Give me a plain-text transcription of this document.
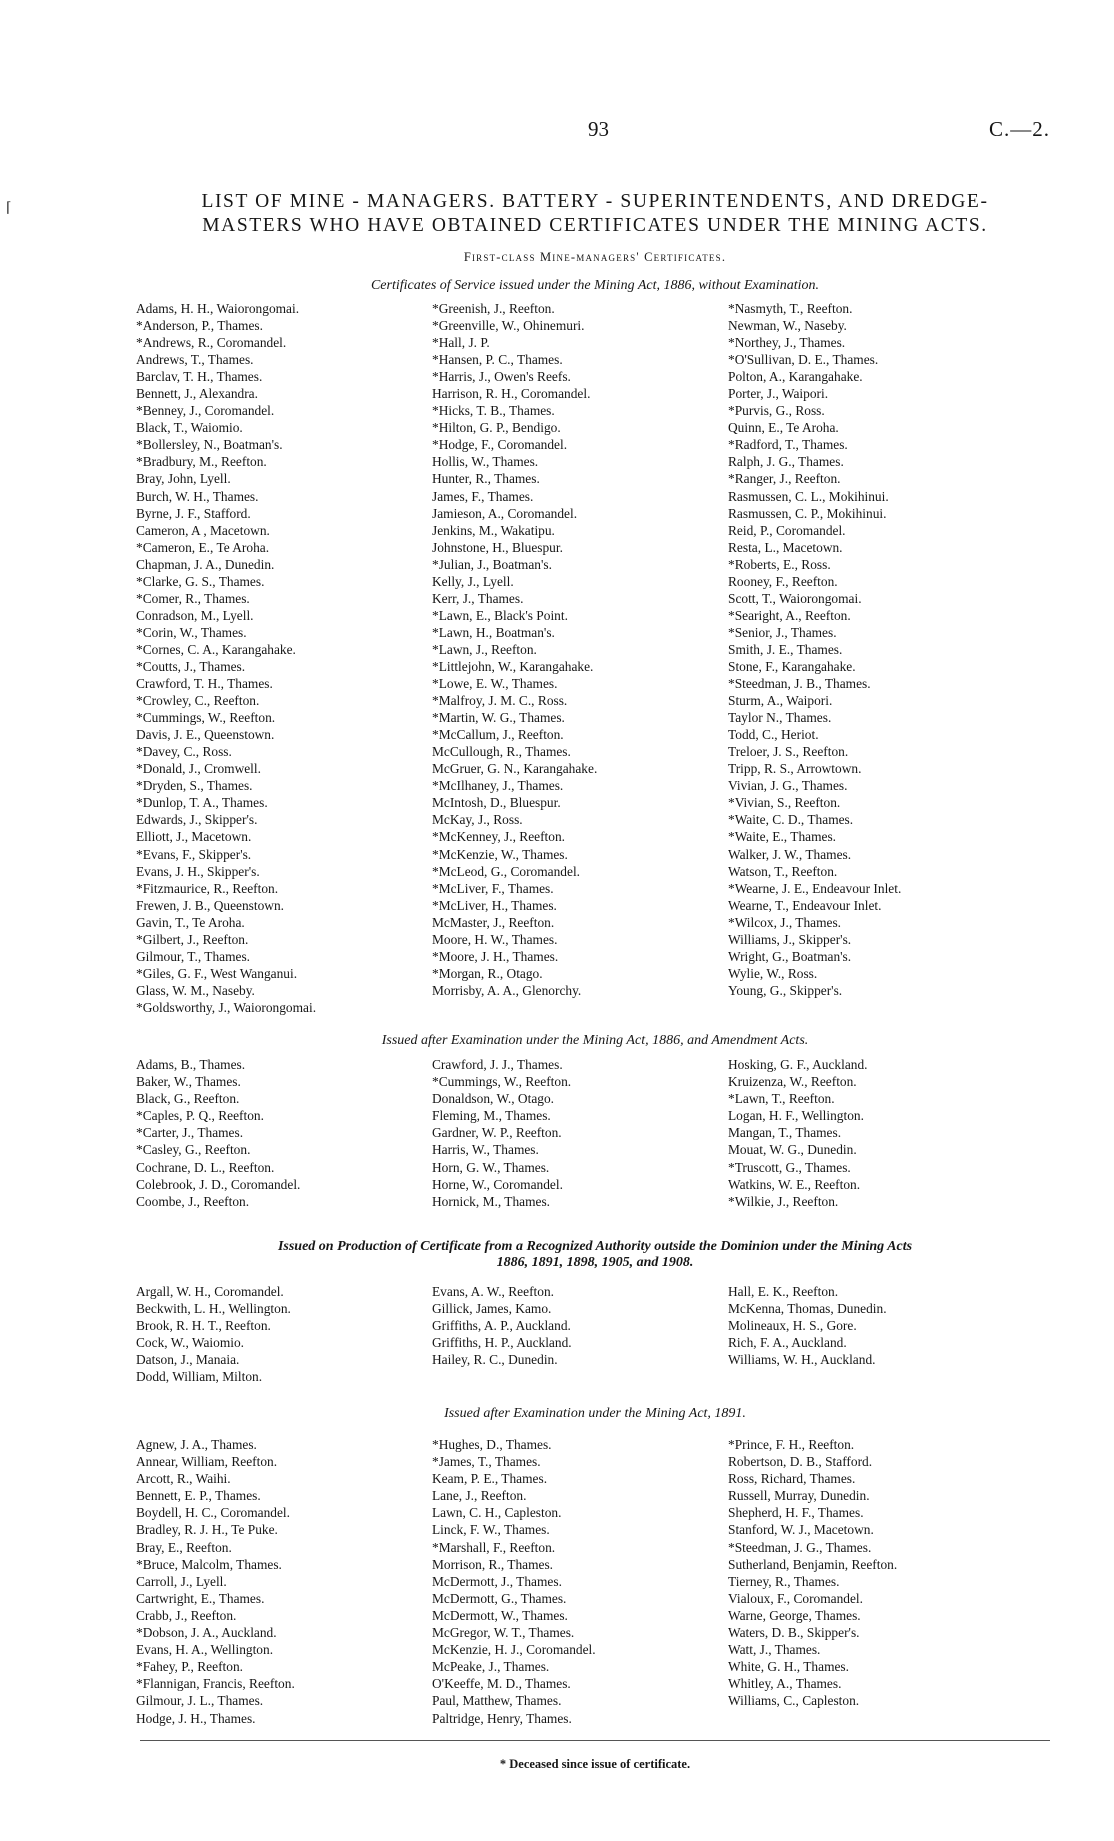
93	C.—2.
⌈	LIST OF MINE - MANAGERS. BATTERY - SUPERINTENDENTS, AND DREDGE-
MASTERS WHO HAVE OBTAINED CERTIFICATES UNDER THE MINING ACTS.
First-class Mine-managers' Certificates.
Certificates of Service issued under the Mining Act, 1886, without Examination.
Adams, H. H., Waiorongomai.
*Anderson, P., Thames.
*Andrews, R., Coromandel.
Andrews, T., Thames.
Barclav, T. H., Thames.
Bennett, J., Alexandra.
*Benney, J., Coromandel.
Black, T., Waiomio.
*Bollersley, N., Boatman's.
*Bradbury, M., Reefton.
Bray, John, Lyell.
Burch, W. H., Thames.
Byrne, J. F., Stafford.
Cameron, A , Macetown.
*Cameron, E., Te Aroha.
Chapman, J. A., Dunedin.
*Clarke, G. S., Thames.
*Comer, R., Thames.
Conradson, M., Lyell.
*Corin, W., Thames.
*Cornes, C. A., Karangahake.
*Coutts, J., Thames.
Crawford, T. H., Thames.
*Crowley, C., Reefton.
*Cummings, W., Reefton.
Davis, J. E., Queenstown.
*Davey, C., Ross.
*Donald, J., Cromwell.
*Dryden, S., Thames.
*Dunlop, T. A., Thames.
Edwards, J., Skipper's.
Elliott, J., Macetown.
*Evans, F., Skipper's.
Evans, J. H., Skipper's.
*Fitzmaurice, R., Reefton.
Frewen, J. B., Queenstown.
Gavin, T., Te Aroha.
*Gilbert, J., Reefton.
Gilmour, T., Thames.
*Giles, G. F., West Wanganui.
Glass, W. M., Naseby.
*Goldsworthy, J., Waiorongomai.
*Greenish, J., Reefton.
*Greenville, W., Ohinemuri.
*Hall, J. P.
*Hansen, P. C., Thames.
*Harris, J., Owen's Reefs.
Harrison, R. H., Coromandel.
*Hicks, T. B., Thames.
*Hilton, G. P., Bendigo.
*Hodge, F., Coromandel.
Hollis, W., Thames.
Hunter, R., Thames.
James, F., Thames.
Jamieson, A., Coromandel.
Jenkins, M., Wakatipu.
Johnstone, H., Bluespur.
*Julian, J., Boatman's.
Kelly, J., Lyell.
Kerr, J., Thames.
*Lawn, E., Black's Point.
*Lawn, H., Boatman's.
*Lawn, J., Reefton.
*Littlejohn, W., Karangahake.
*Lowe, E. W., Thames.
*Malfroy, J. M. C., Ross.
*Martin, W. G., Thames.
*McCallum, J., Reefton.
McCullough, R., Thames.
McGruer, G. N., Karangahake.
*McIlhaney, J., Thames.
McIntosh, D., Bluespur.
McKay, J., Ross.
*McKenney, J., Reefton.
*McKenzie, W., Thames.
*McLeod, G., Coromandel.
*McLiver, F., Thames.
*McLiver, H., Thames.
McMaster, J., Reefton.
Moore, H. W., Thames.
*Moore, J. H., Thames.
*Morgan, R., Otago.
Morrisby, A. A., Glenorchy.
*Nasmyth, T., Reefton.
Newman, W., Naseby.
*Northey, J., Thames.
*O'Sullivan, D. E., Thames.
Polton, A., Karangahake.
Porter, J., Waipori.
*Purvis, G., Ross.
Quinn, E., Te Aroha.
*Radford, T., Thames.
Ralph, J. G., Thames.
*Ranger, J., Reefton.
Rasmussen, C. L., Mokihinui.
Rasmussen, C. P., Mokihinui.
Reid, P., Coromandel.
Resta, L., Macetown.
*Roberts, E., Ross.
Rooney, F., Reefton.
Scott, T., Waiorongomai.
*Searight, A., Reefton.
*Senior, J., Thames.
Smith, J. E., Thames.
Stone, F., Karangahake.
*Steedman, J. B., Thames.
Sturm, A., Waipori.
Taylor N., Thames.
Todd, C., Heriot.
Treloer, J. S., Reefton.
Tripp, R. S., Arrowtown.
Vivian, J. G., Thames.
*Vivian, S., Reefton.
*Waite, C. D., Thames.
*Waite, E., Thames.
Walker, J. W., Thames.
Watson, T., Reefton.
*Wearne, J. E., Endeavour Inlet.
Wearne, T., Endeavour Inlet.
*Wilcox, J., Thames.
Williams, J., Skipper's.
Wright, G., Boatman's.
Wylie, W., Ross.
Young, G., Skipper's.
Issued after Examination under the Mining Act, 1886, and Amendment Acts.
Adams, B., Thames.
Baker, W., Thames.
Black, G., Reefton.
*Caples, P. Q., Reefton.
*Carter, J., Thames.
*Casley, G., Reefton.
Cochrane, D. L., Reefton.
Colebrook, J. D., Coromandel.
Coombe, J., Reefton.
Crawford, J. J., Thames.
*Cummings, W., Reefton.
Donaldson, W., Otago.
Fleming, M., Thames.
Gardner, W. P., Reefton.
Harris, W., Thames.
Horn, G. W., Thames.
Horne, W., Coromandel.
Hornick, M., Thames.
Hosking, G. F., Auckland.
Kruizenza, W., Reefton.
*Lawn, T., Reefton.
Logan, H. F., Wellington.
Mangan, T., Thames.
Mouat, W. G., Dunedin.
*Truscott, G., Thames.
Watkins, W. E., Reefton.
*Wilkie, J., Reefton.
Issued on Production of Certificate from a Recognized Authority outside the Dominion under the Mining Acts
1886, 1891, 1898, 1905, and 1908.
Argall, W. H., Coromandel.
Beckwith, L. H., Wellington.
Brook, R. H. T., Reefton.
Cock, W., Waiomio.
Datson, J., Manaia.
Dodd, William, Milton.
Evans, A. W., Reefton.
Gillick, James, Kamo.
Griffiths, A. P., Auckland.
Griffiths, H. P., Auckland.
Hailey, R. C., Dunedin.
Hall, E. K., Reefton.
McKenna, Thomas, Dunedin.
Molineaux, H. S., Gore.
Rich, F. A., Auckland.
Williams, W. H., Auckland.
Issued after Examination under the Mining Act, 1891.
Agnew, J. A., Thames.
Annear, William, Reefton.
Arcott, R., Waihi.
Bennett, E. P., Thames.
Boydell, H. C., Coromandel.
Bradley, R. J. H., Te Puke.
Bray, E., Reefton.
*Bruce, Malcolm, Thames.
Carroll, J., Lyell.
Cartwright, E., Thames.
Crabb, J., Reefton.
*Dobson, J. A., Auckland.
Evans, H. A., Wellington.
*Fahey, P., Reefton.
*Flannigan, Francis, Reefton.
Gilmour, J. L., Thames.
Hodge, J. H., Thames.
*Hughes, D., Thames.
*James, T., Thames.
Keam, P. E., Thames.
Lane, J., Reefton.
Lawn, C. H., Capleston.
Linck, F. W., Thames.
*Marshall, F., Reefton.
Morrison, R., Thames.
McDermott, J., Thames.
McDermott, G., Thames.
McDermott, W., Thames.
McGregor, W. T., Thames.
McKenzie, H. J., Coromandel.
McPeake, J., Thames.
O'Keeffe, M. D., Thames.
Paul, Matthew, Thames.
Paltridge, Henry, Thames.
*Prince, F. H., Reefton.
Robertson, D. B., Stafford.
Ross, Richard, Thames.
Russell, Murray, Dunedin.
Shepherd, H. F., Thames.
Stanford, W. J., Macetown.
*Steedman, J. G., Thames.
Sutherland, Benjamin, Reefton.
Tierney, R., Thames.
Vialoux, F., Coromandel.
Warne, George, Thames.
Waters, D. B., Skipper's.
Watt, J., Thames.
White, G. H., Thames.
Whitley, A., Thames.
Williams, C., Capleston.
* Deceased since issue of certificate.
